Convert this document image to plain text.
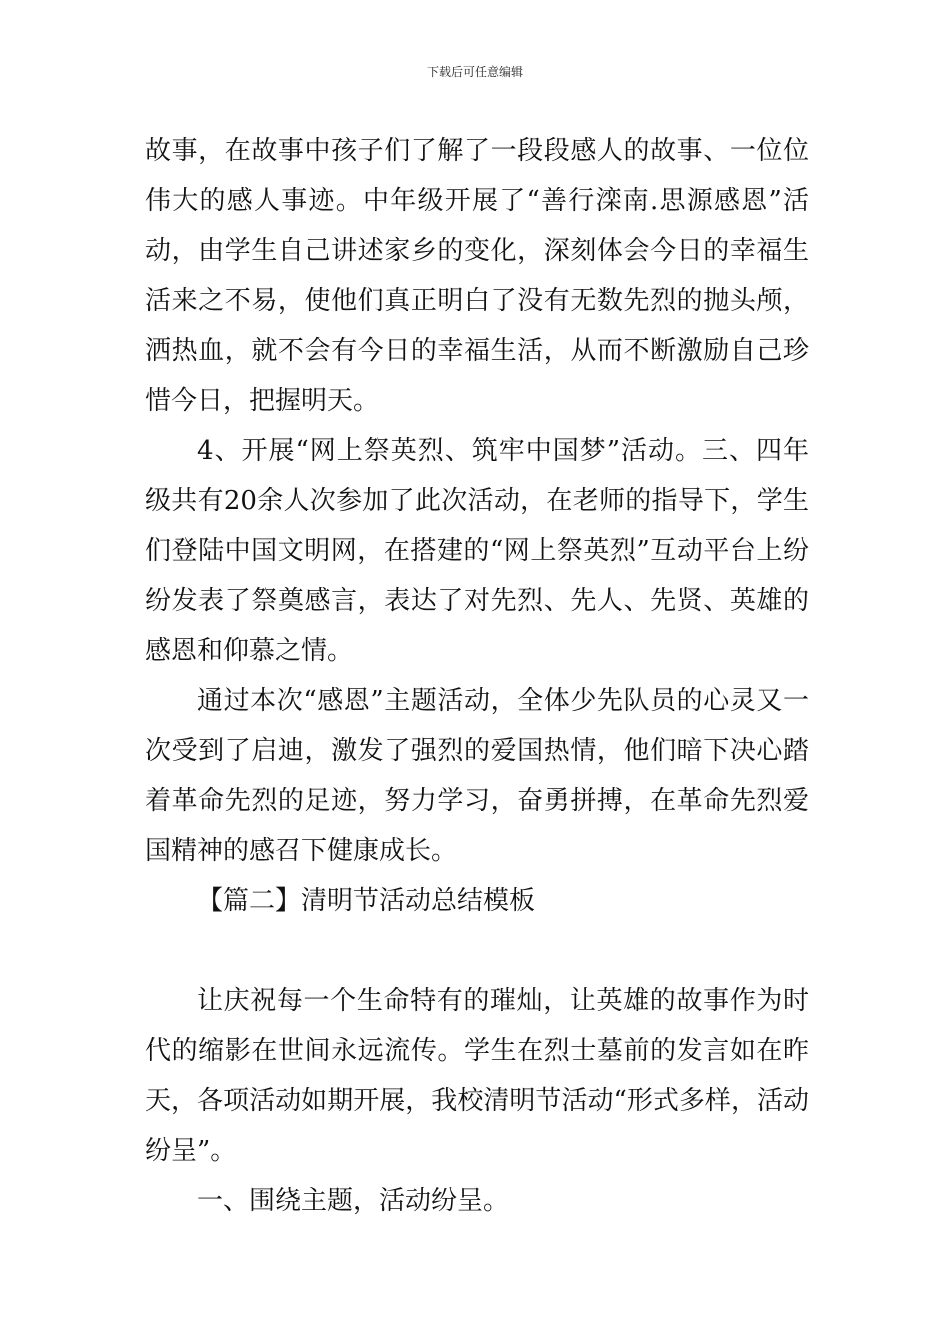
下载后可任意编辑

故事，在故事中孩子们了解了一段段感人的故事、一位位伟大的感人事迹。中年级开展了“善行滦南.思源感恩”活动，由学生自己讲述家乡的变化，深刻体会今日的幸福生活来之不易，使他们真正明白了没有无数先烈的抛头颅，洒热血，就不会有今日的幸福生活，从而不断激励自己珍惜今日，把握明天。

4、开展“网上祭英烈、筑牢中国梦”活动。三、四年级共有20余人次参加了此次活动，在老师的指导下，学生们登陆中国文明网，在搭建的“网上祭英烈”互动平台上纷纷发表了祭奠感言，表达了对先烈、先人、先贤、英雄的感恩和仰慕之情。

通过本次“感恩”主题活动，全体少先队员的心灵又一次受到了启迪，激发了强烈的爱国热情，他们暗下决心踏着革命先烈的足迹，努力学习，奋勇拼搏，在革命先烈爱国精神的感召下健康成长。

【篇二】清明节活动总结模板

让庆祝每一个生命特有的璀灿，让英雄的故事作为时代的缩影在世间永远流传。学生在烈士墓前的发言如在昨天，各项活动如期开展，我校清明节活动“形式多样，活动纷呈”。

一、围绕主题，活动纷呈。
